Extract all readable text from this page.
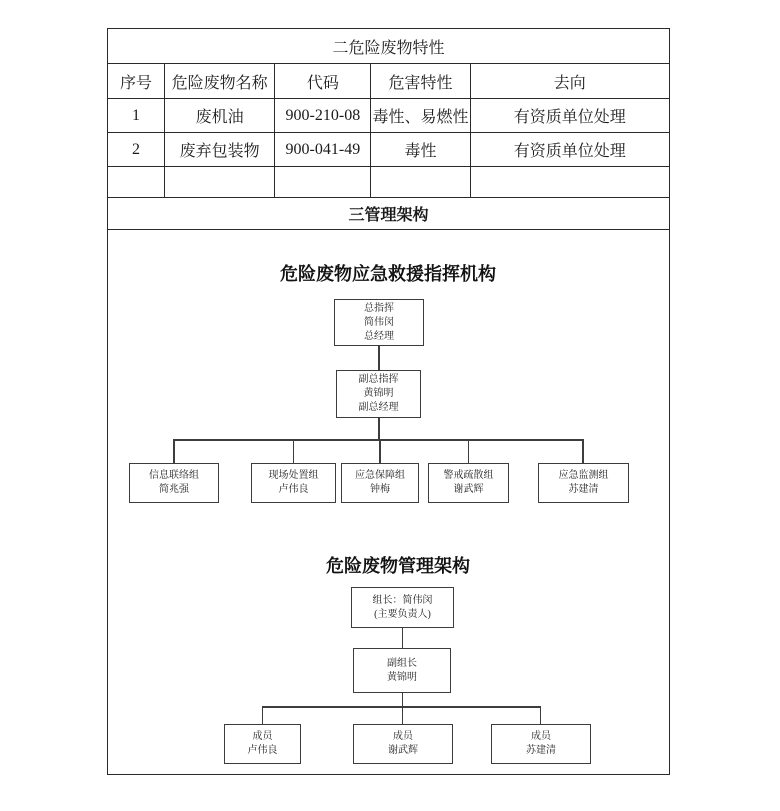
二危险废物特性				
序号	危险废物名称	代码	危害特性	去向
1	废机油	900-210-08	毒性、易燃性	有资质单位处理
2	废弃包装物	900-041-49	毒性	有资质单位处理

三管理架构				

危险废物应急救援指挥机构
总指挥
简伟闵
总经理
副总指挥
黄锦明
副总经理
信息联络组
简兆强
现场处置组
卢伟良
应急保障组
钟梅
警戒疏散组
谢武辉
应急监测组
苏建清
危险废物管理架构
组长：简伟闵
(主要负责人)
副组长
黄锦明
成员
卢伟良
成员
谢武辉
成员
苏建清
